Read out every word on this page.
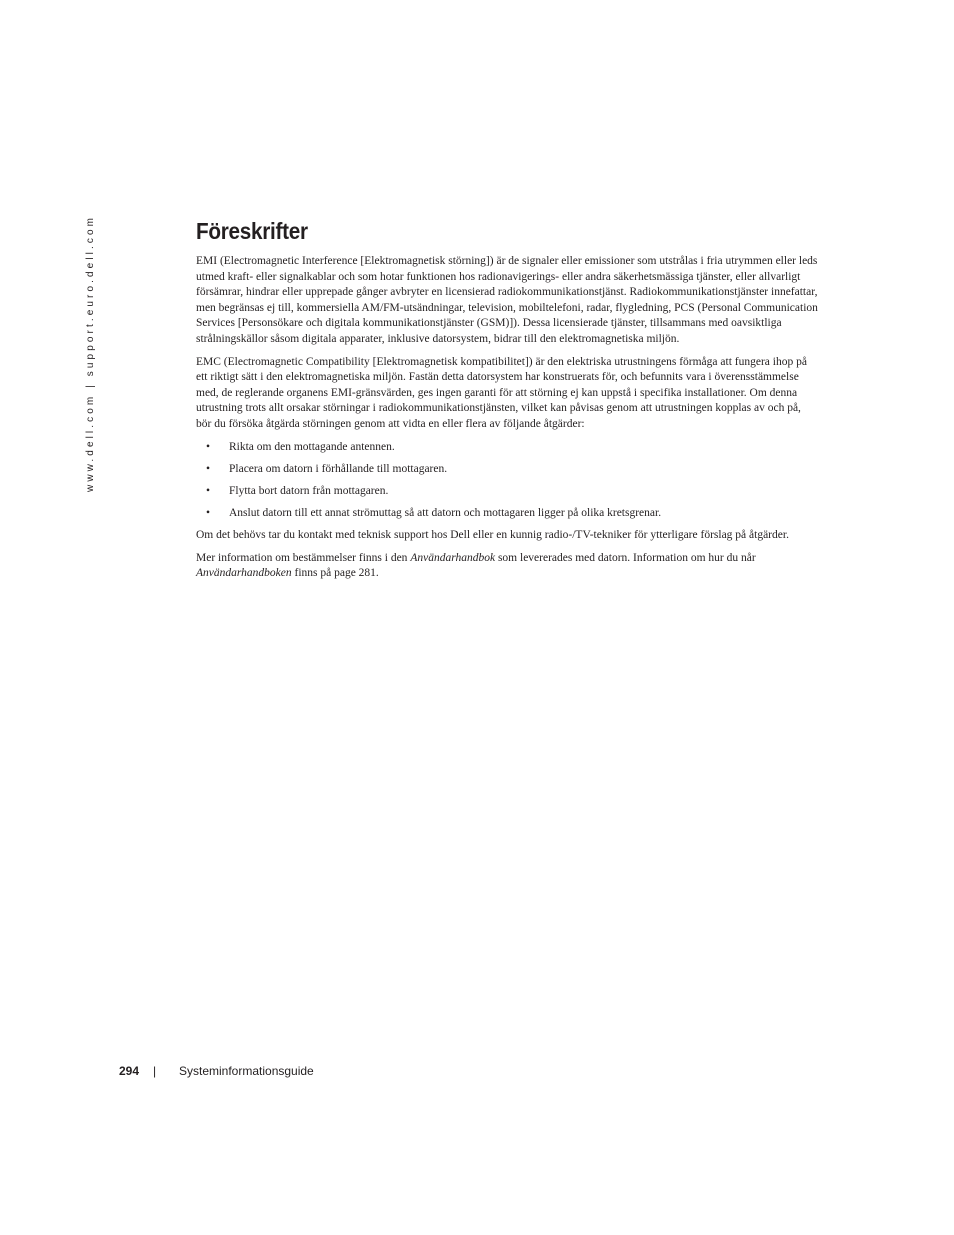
www.dell.com | support.euro.dell.com	Föreskrifter

EMI (Electromagnetic Interference [Elektromagnetisk störning]) är de signaler eller emissioner som utstrålas i fria utrymmen eller leds utmed kraft- eller signalkablar och som hotar funktionen hos radionavigerings- eller andra säkerhetsmässiga tjänster, eller allvarligt försämrar, hindrar eller upprepade gånger avbryter en licensierad radiokommunikationstjänst. Radiokommunikationstjänster innefattar, men begränsas ej till, kommersiella AM/FM-utsändningar, television, mobiltelefoni, radar, flygledning, PCS (Personal Communication Services [Personsökare och digitala kommunikationstjänster (GSM)]). Dessa licensierade tjänster, tillsammans med oavsiktliga strålningskällor såsom digitala apparater, inklusive datorsystem, bidrar till den elektromagnetiska miljön.

EMC (Electromagnetic Compatibility [Elektromagnetisk kompatibilitet]) är den elektriska utrustningens förmåga att fungera ihop på ett riktigt sätt i den elektromagnetiska miljön. Fastän detta datorsystem har konstruerats för, och befunnits vara i överensstämmelse med, de reglerande organens EMI-gränsvärden, ges ingen garanti för att störning ej kan uppstå i specifika installationer. Om denna utrustning trots allt orsakar störningar i radiokommunikationstjänsten, vilket kan påvisas genom att utrustningen kopplas av och på, bör du försöka åtgärda störningen genom att vidta en eller flera av följande åtgärder:

• Rikta om den mottagande antennen.
• Placera om datorn i förhållande till mottagaren.
• Flytta bort datorn från mottagaren.
• Anslut datorn till ett annat strömuttag så att datorn och mottagaren ligger på olika kretsgrenar.

Om det behövs tar du kontakt med teknisk support hos Dell eller en kunnig radio-/TV-tekniker för ytterligare förslag på åtgärder.

Mer information om bestämmelser finns i den Användarhandbok som levererades med datorn. Information om hur du når Användarhandboken finns på page 281.

294 | Systeminformationsguide
